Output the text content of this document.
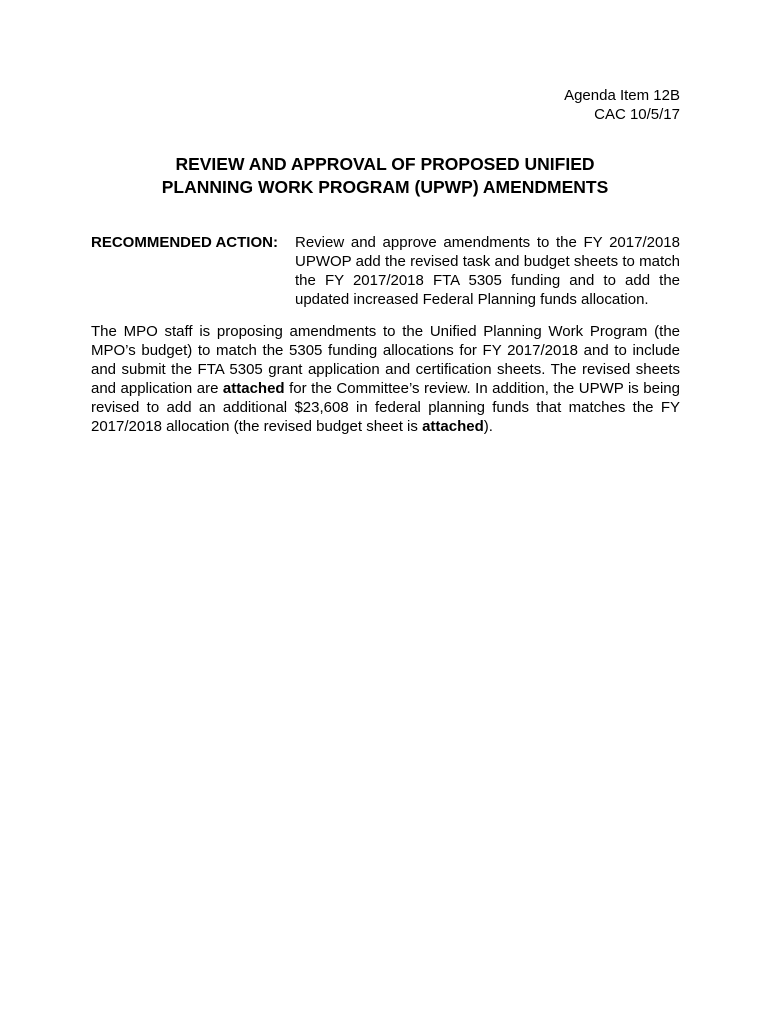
Agenda Item 12B
CAC 10/5/17
REVIEW AND APPROVAL OF PROPOSED UNIFIED
PLANNING WORK PROGRAM (UPWP) AMENDMENTS
RECOMMENDED ACTION: Review and approve amendments to the FY 2017/2018 UPWOP add the revised task and budget sheets to match the FY 2017/2018 FTA 5305 funding and to add the updated increased Federal Planning funds allocation.

The MPO staff is proposing amendments to the Unified Planning Work Program (the MPO’s budget) to match the 5305 funding allocations for FY 2017/2018 and to include and submit the FTA 5305 grant application and certification sheets. The revised sheets and application are attached for the Committee’s review. In addition, the UPWP is being revised to add an additional $23,608 in federal planning funds that matches the FY 2017/2018 allocation (the revised budget sheet is attached).
